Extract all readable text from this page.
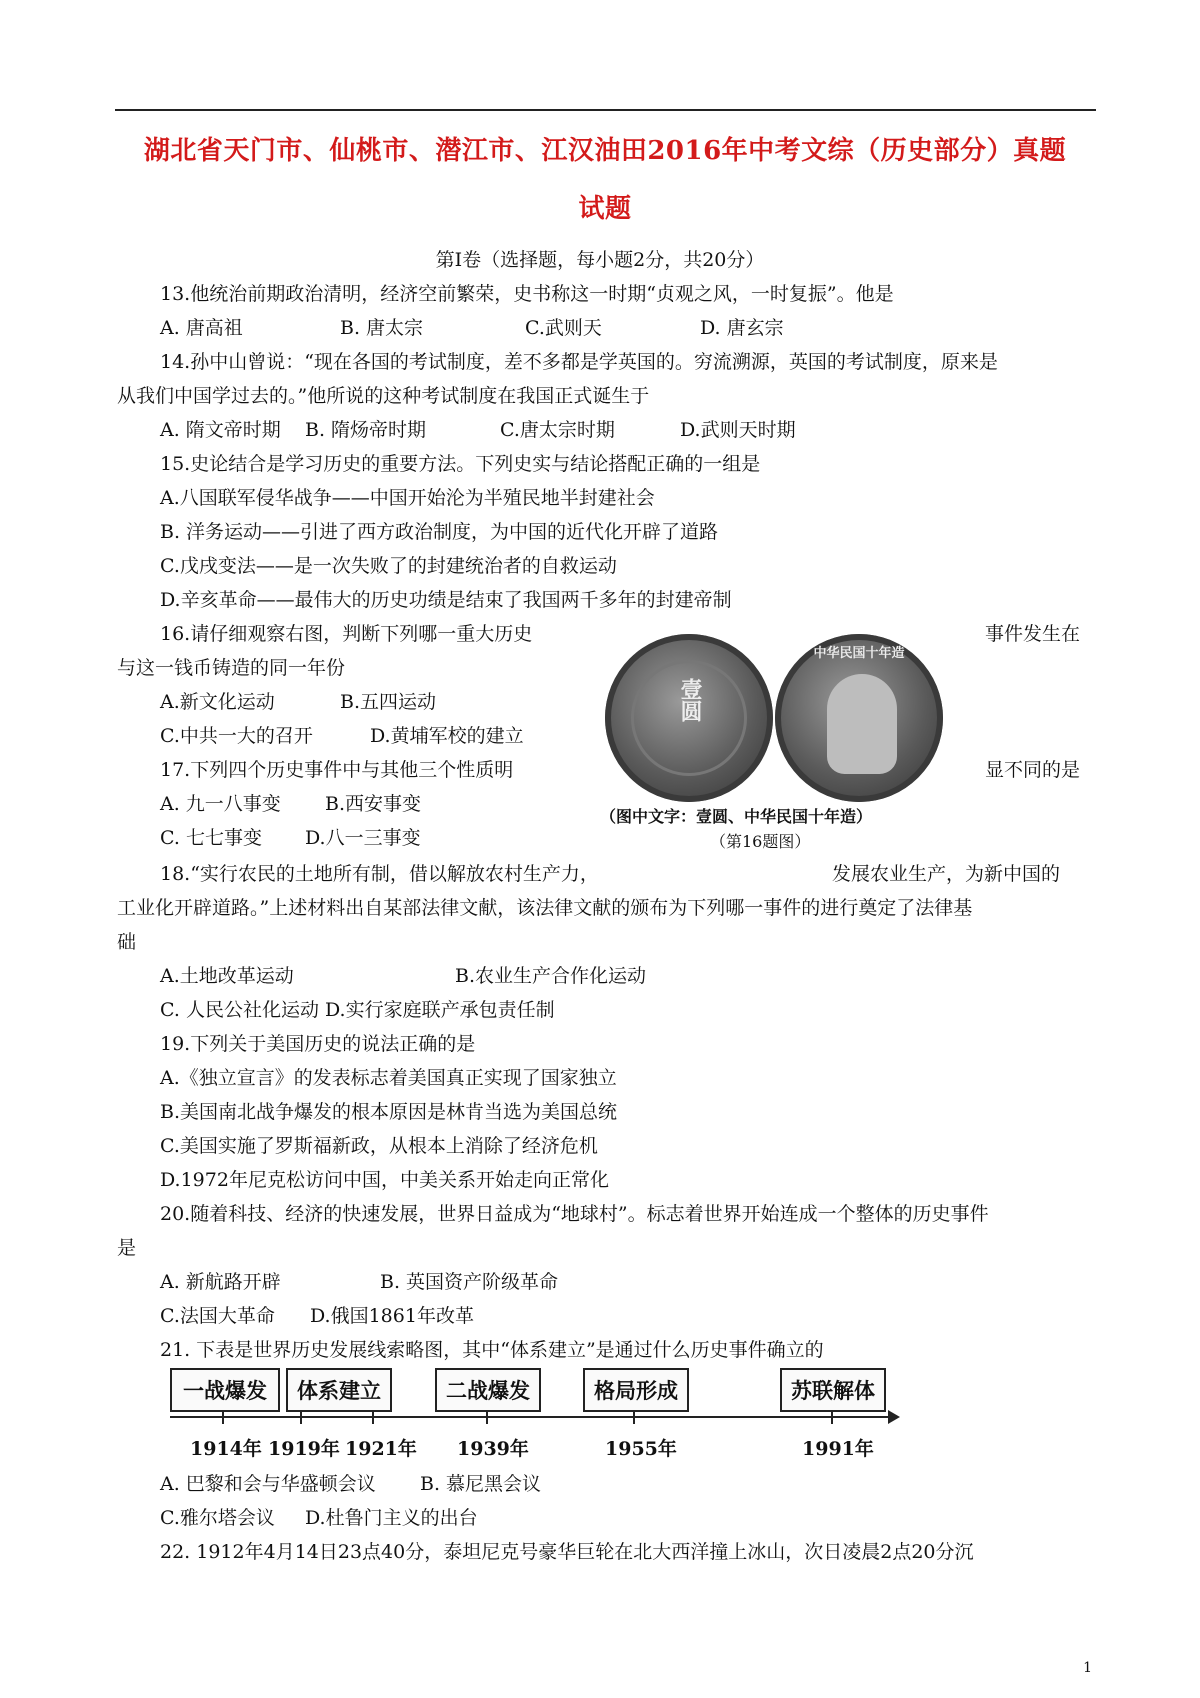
湖北省天门市、仙桃市、潜江市、江汉油田2016年中考文综（历史部分）真题
试题
第Ⅰ卷（选择题，每小题2分，共20分）
13.他统治前期政治清明，经济空前繁荣，史书称这一时期“贞观之风，一时复振”。他是
A. 唐高祖	B. 唐太宗	C.武则天	D. 唐玄宗
14.孙中山曾说：“现在各国的考试制度，差不多都是学英国的。穷流溯源，英国的考试制度，原来是
从我们中国学过去的。”他所说的这种考试制度在我国正式诞生于
A. 隋文帝时期 B. 隋炀帝时期	C.唐太宗时期	D.武则天时期
15.史论结合是学习历史的重要方法。下列史实与结论搭配正确的一组是
A.八国联军侵华战争——中国开始沦为半殖民地半封建社会
B. 洋务运动——引进了西方政治制度，为中国的近代化开辟了道路
C.戊戌变法——是一次失败了的封建统治者的自救运动
D.辛亥革命——最伟大的历史功绩是结束了我国两千多年的封建帝制
16.请仔细观察右图，判断下列哪一重大历史	事件发生在
与这一钱币铸造的同一年份
A.新文化运动	B.五四运动
C.中共一大的召开	D.黄埔军校的建立
壹圆
中华民国十年造
（图中文字：壹圆、中华民国十年造）
（第16题图）
17.下列四个历史事件中与其他三个性质明	显不同的是
A. 九一八事变 B.西安事变
C. 七七事变 D.八一三事变
18.“实行农民的土地所有制，借以解放农村生产力，	发展农业生产，为新中国的
工业化开辟道路。”上述材料出自某部法律文献，该法律文献的颁布为下列哪一事件的进行奠定了法律基
础
A.土地改革运动	B.农业生产合作化运动
C. 人民公社化运动 D.实行家庭联产承包责任制
19.下列关于美国历史的说法正确的是
A.《独立宣言》的发表标志着美国真正实现了国家独立
B.美国南北战争爆发的根本原因是林肯当选为美国总统
C.美国实施了罗斯福新政，从根本上消除了经济危机
D.1972年尼克松访问中国，中美关系开始走向正常化
20.随着科技、经济的快速发展，世界日益成为“地球村”。标志着世界开始连成一个整体的历史事件
是
A. 新航路开辟	B. 英国资产阶级革命
C.法国大革命 D.俄国1861年改革
21. 下表是世界历史发展线索略图，其中“体系建立”是通过什么历史事件确立的
一战爆发	体系建立	二战爆发	格局形成	苏联解体
1914年 1919年 1921年 1939年	1955年	1991年
A. 巴黎和会与华盛顿会议 B. 慕尼黑会议
C.雅尔塔会议 D.杜鲁门主义的出台
22. 1912年4月14日23点40分，泰坦尼克号豪华巨轮在北大西洋撞上冰山，次日凌晨2点20分沉
1
